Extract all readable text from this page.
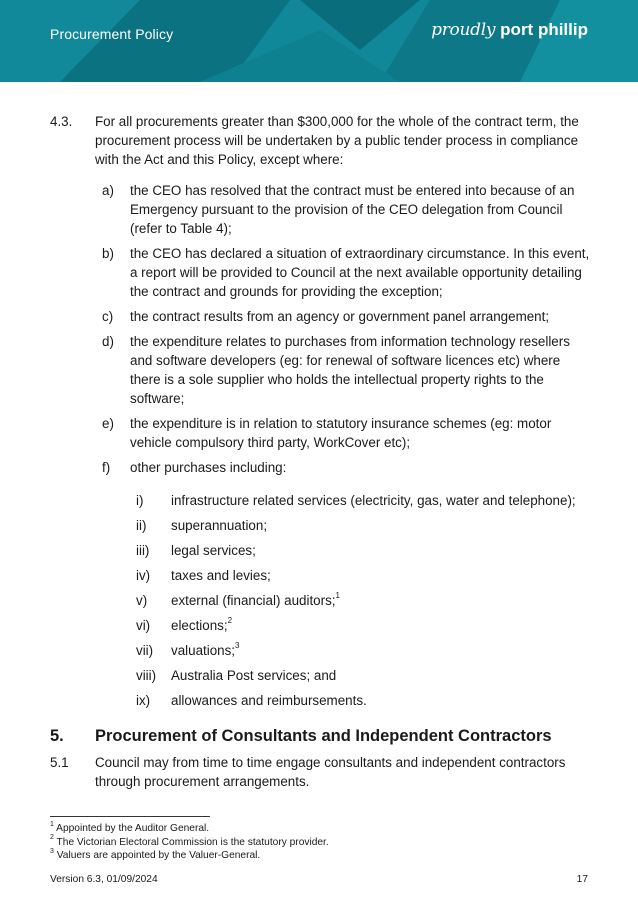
Procurement Policy	proudly port phillip
4.3. For all procurements greater than $300,000 for the whole of the contract term, the procurement process will be undertaken by a public tender process in compliance with the Act and this Policy, except where:
a) the CEO has resolved that the contract must be entered into because of an Emergency pursuant to the provision of the CEO delegation from Council (refer to Table 4);
b) the CEO has declared a situation of extraordinary circumstance. In this event, a report will be provided to Council at the next available opportunity detailing the contract and grounds for providing the exception;
c) the contract results from an agency or government panel arrangement;
d) the expenditure relates to purchases from information technology resellers and software developers (eg: for renewal of software licences etc) where there is a sole supplier who holds the intellectual property rights to the software;
e) the expenditure is in relation to statutory insurance schemes (eg: motor vehicle compulsory third party, WorkCover etc);
f) other purchases including:
i) infrastructure related services (electricity, gas, water and telephone);
ii) superannuation;
iii) legal services;
iv) taxes and levies;
v) external (financial) auditors;$^1$
vi) elections;$^2$
vii) valuations;$^3$
viii) Australia Post services; and
ix) allowances and reimbursements.
5. Procurement of Consultants and Independent Contractors
5.1 Council may from time to time engage consultants and independent contractors through procurement arrangements.
$^1$ Appointed by the Auditor General.
$^2$ The Victorian Electoral Commission is the statutory provider.
$^3$ Valuers are appointed by the Valuer-General.
Version 6.3, 01/09/2024	17
